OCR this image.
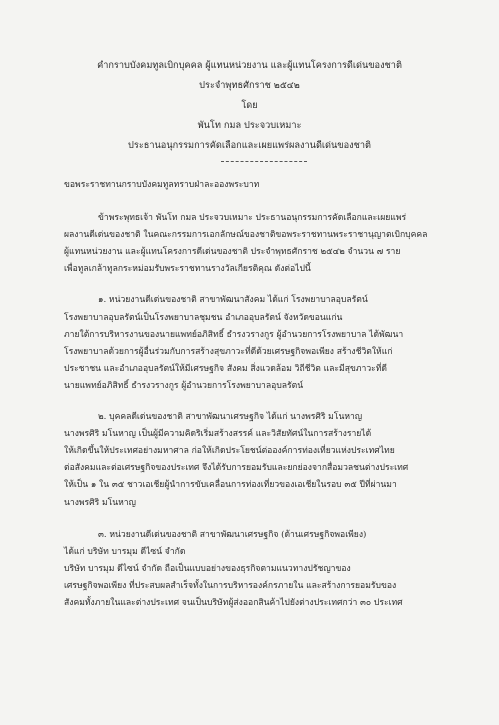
คำกราบบังคมทูลเบิกบุคคล ผู้แทนหน่วยงาน และผู้แทนโครงการดีเด่นของชาติ
ประจำพุทธศักราช ๒๕๔๒
โดย
พันโท กมล ประจวบเหมาะ
ประธานอนุกรรมการคัดเลือกและเผยแพร่ผลงานดีเด่นของชาติ
ขอพระราชทานกราบบังคมทูลทราบฝ่าละอองพระบาท
ข้าพระพุทธเจ้า พันโท กมล ประจวบเหมาะ ประธานอนุกรรมการคัดเลือกและเผยแพร่
ผลงานดีเด่นของชาติ ในคณะกรรมการเอกลักษณ์ของชาติขอพระราชทานพระราชานุญาตเบิกบุคคล
ผู้แทนหน่วยงาน และผู้แทนโครงการดีเด่นของชาติ ประจำพุทธศักราช ๒๕๔๒ จำนวน ๗ ราย
เพื่อทูลเกล้าทูลกระหม่อมรับพระราชทานรางวัลเกียรติคุณ ดังต่อไปนี้
๑. หน่วยงานดีเด่นของชาติ สาขาพัฒนาสังคม ได้แก่ โรงพยาบาลอุบลรัตน์
โรงพยาบาลอุบลรัตน์เป็นโรงพยาบาลชุมชน อำเภออุบลรัตน์ จังหวัดขอนแก่น
ภายใต้การบริหารงานของนายแพทย์อภิสิทธิ์ ธำรงวรางกูร ผู้อำนวยการโรงพยาบาล ได้พัฒนา
โรงพยาบาลด้วยการผู้อื่นร่วมกับการสร้างสุขภาวะที่ดีด้วยเศรษฐกิจพอเพียง สร้างชีวิตให้แก่
ประชาชน และอำเภออุบลรัตน์ให้มีเศรษฐกิจ สังคม สิ่งแวดล้อม วิถีชีวิต และมีสุขภาวะที่ดี
นายแพทย์อภิสิทธิ์ ธำรงวรางกูร ผู้อำนวยการโรงพยาบาลอุบลรัตน์
๒. บุคคลดีเด่นของชาติ สาขาพัฒนาเศรษฐกิจ ได้แก่ นางพรศิริ มโนหาญ
นางพรศิริ มโนหาญ เป็นผู้มีความคิดริเริ่มสร้างสรรค์ และวิสัยทัศน์ในการสร้างรายได้
ให้เกิดขึ้นให้ประเทศอย่างมหาศาล ก่อให้เกิดประโยชน์ต่อองค์การท่องเที่ยวแห่งประเทศไทย
ต่อสังคมและต่อเศรษฐกิจของประเทศ จึงได้รับการยอมรับและยกย่องจากสื่อมวลชนต่างประเทศ
ให้เป็น ๑ ใน ๓๕ ชาวเอเชียผู้นำการขับเคลื่อนการท่องเที่ยวของเอเชียในรอบ ๓๕ ปีที่ผ่านมา
นางพรศิริ มโนหาญ
๓. หน่วยงานดีเด่นของชาติ สาขาพัฒนาเศรษฐกิจ (ด้านเศรษฐกิจพอเพียง)
ได้แก่ บริษัท บารมุม ดีไซน์ จำกัด
บริษัท บารมุม ดีไซน์ จำกัด ถือเป็นแบบอย่างของธุรกิจตามแนวทางปรัชญาของ
เศรษฐกิจพอเพียง ที่ประสบผลสำเร็จทั้งในการบริหารองค์กรภายใน และสร้างการยอมรับของ
สังคมทั้งภายในและต่างประเทศ จนเป็นบริษัทผู้ส่งออกสินค้าไปยังต่างประเทศกว่า ๓๐ ประเทศ
